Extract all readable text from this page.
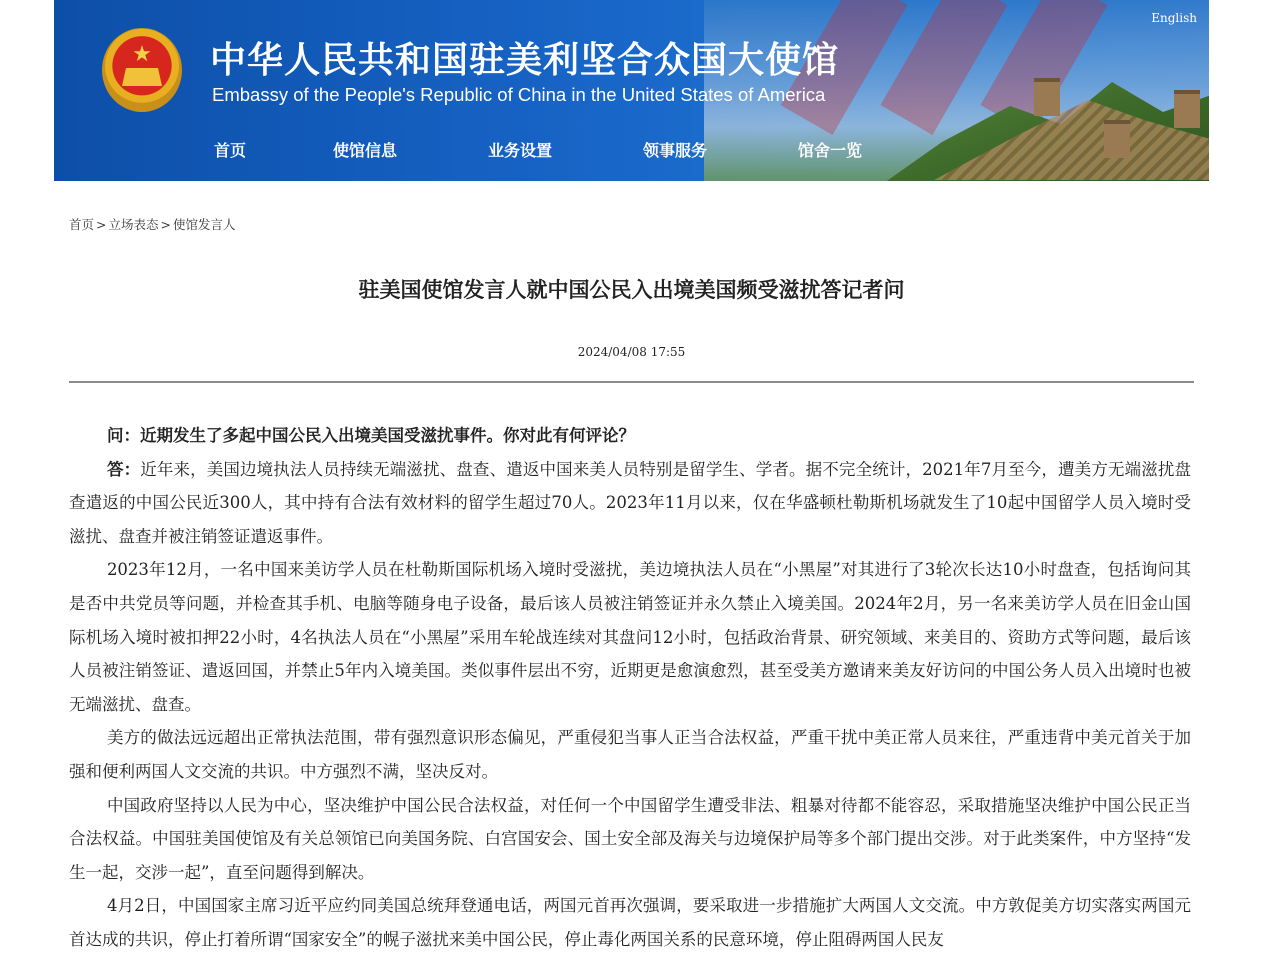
★ 中华人民共和国驻美利坚合众国大使馆
Embassy of the People's Republic of China in the United States of America
English
首页	使馆信息	业务设置	领事服务	馆舍一览
首页 > 立场表态 > 使馆发言人
驻美国使馆发言人就中国公民入出境美国频受滋扰答记者问
2024/04/08 17:55

问：近期发生了多起中国公民入出境美国受滋扰事件。你对此有何评论？

答：近年来，美国边境执法人员持续无端滋扰、盘查、遣返中国来美人员特别是留学生、学者。据不完全统计，2021年7月至今，遭美方无端滋扰盘查遣返的中国公民近300人，其中持有合法有效材料的留学生超过70人。2023年11月以来，仅在华盛顿杜勒斯机场就发生了10起中国留学人员入境时受滋扰、盘查并被注销签证遣返事件。

2023年12月，一名中国来美访学人员在杜勒斯国际机场入境时受滋扰，美边境执法人员在“小黑屋”对其进行了3轮次长达10小时盘查，包括询问其是否中共党员等问题，并检查其手机、电脑等随身电子设备，最后该人员被注销签证并永久禁止入境美国。2024年2月，另一名来美访学人员在旧金山国际机场入境时被扣押22小时，4名执法人员在“小黑屋”采用车轮战连续对其盘问12小时，包括政治背景、研究领域、来美目的、资助方式等问题，最后该人员被注销签证、遣返回国，并禁止5年内入境美国。类似事件层出不穷，近期更是愈演愈烈，甚至受美方邀请来美友好访问的中国公务人员入出境时也被无端滋扰、盘查。

美方的做法远远超出正常执法范围，带有强烈意识形态偏见，严重侵犯当事人正当合法权益，严重干扰中美正常人员来往，严重违背中美元首关于加强和便利两国人文交流的共识。中方强烈不满，坚决反对。

中国政府坚持以人民为中心，坚决维护中国公民合法权益，对任何一个中国留学生遭受非法、粗暴对待都不能容忍，采取措施坚决维护中国公民正当合法权益。中国驻美国使馆及有关总领馆已向美国务院、白宫国安会、国土安全部及海关与边境保护局等多个部门提出交涉。对于此类案件，中方坚持“发生一起，交涉一起”，直至问题得到解决。

4月2日，中国国家主席习近平应约同美国总统拜登通电话，两国元首再次强调，要采取进一步措施扩大两国人文交流。中方敦促美方切实落实两国元首达成的共识，停止打着所谓“国家安全”的幌子滋扰来美中国公民，停止毒化两国关系的民意环境，停止阻碍两国人民友
